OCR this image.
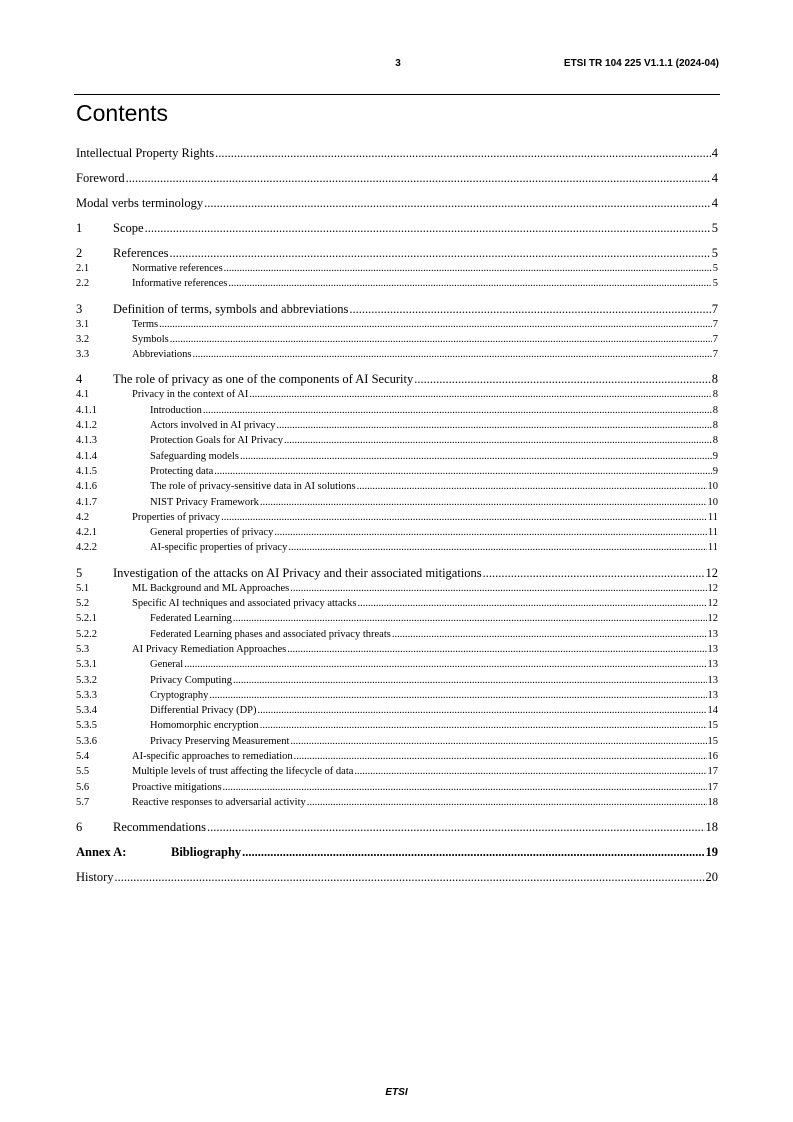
3	ETSI TR 104 225 V1.1.1 (2024-04)
Contents
Intellectual Property Rights .....	4
Foreword .....	4
Modal verbs terminology .....	4
1	Scope .....	5
2	References .....	5
2.1	Normative references .....	5
2.2	Informative references .....	5
3	Definition of terms, symbols and abbreviations .....	7
3.1	Terms .....	7
3.2	Symbols .....	7
3.3	Abbreviations .....	7
4	The role of privacy as one of the components of AI Security .....	8
4.1	Privacy in the context of AI .....	8
4.1.1	Introduction .....	8
4.1.2	Actors involved in AI privacy .....	8
4.1.3	Protection Goals for AI Privacy .....	8
4.1.4	Safeguarding models .....	9
4.1.5	Protecting data .....	9
4.1.6	The role of privacy-sensitive data in AI solutions .....	10
4.1.7	NIST Privacy Framework .....	10
4.2	Properties of privacy .....	11
4.2.1	General properties of privacy .....	11
4.2.2	AI-specific properties of privacy .....	11
5	Investigation of the attacks on AI Privacy and their associated mitigations .....	12
5.1	ML Background and ML Approaches .....	12
5.2	Specific AI techniques and associated privacy attacks .....	12
5.2.1	Federated Learning .....	12
5.2.2	Federated Learning phases and associated privacy threats .....	13
5.3	AI Privacy Remediation Approaches .....	13
5.3.1	General .....	13
5.3.2	Privacy Computing .....	13
5.3.3	Cryptography .....	13
5.3.4	Differential Privacy (DP) .....	14
5.3.5	Homomorphic encryption .....	15
5.3.6	Privacy Preserving Measurement .....	15
5.4	AI-specific approaches to remediation .....	16
5.5	Multiple levels of trust affecting the lifecycle of data .....	17
5.6	Proactive mitigations .....	17
5.7	Reactive responses to adversarial activity .....	18
6	Recommendations .....	18
Annex A:	Bibliography .....	19
History .....	20
ETSI
